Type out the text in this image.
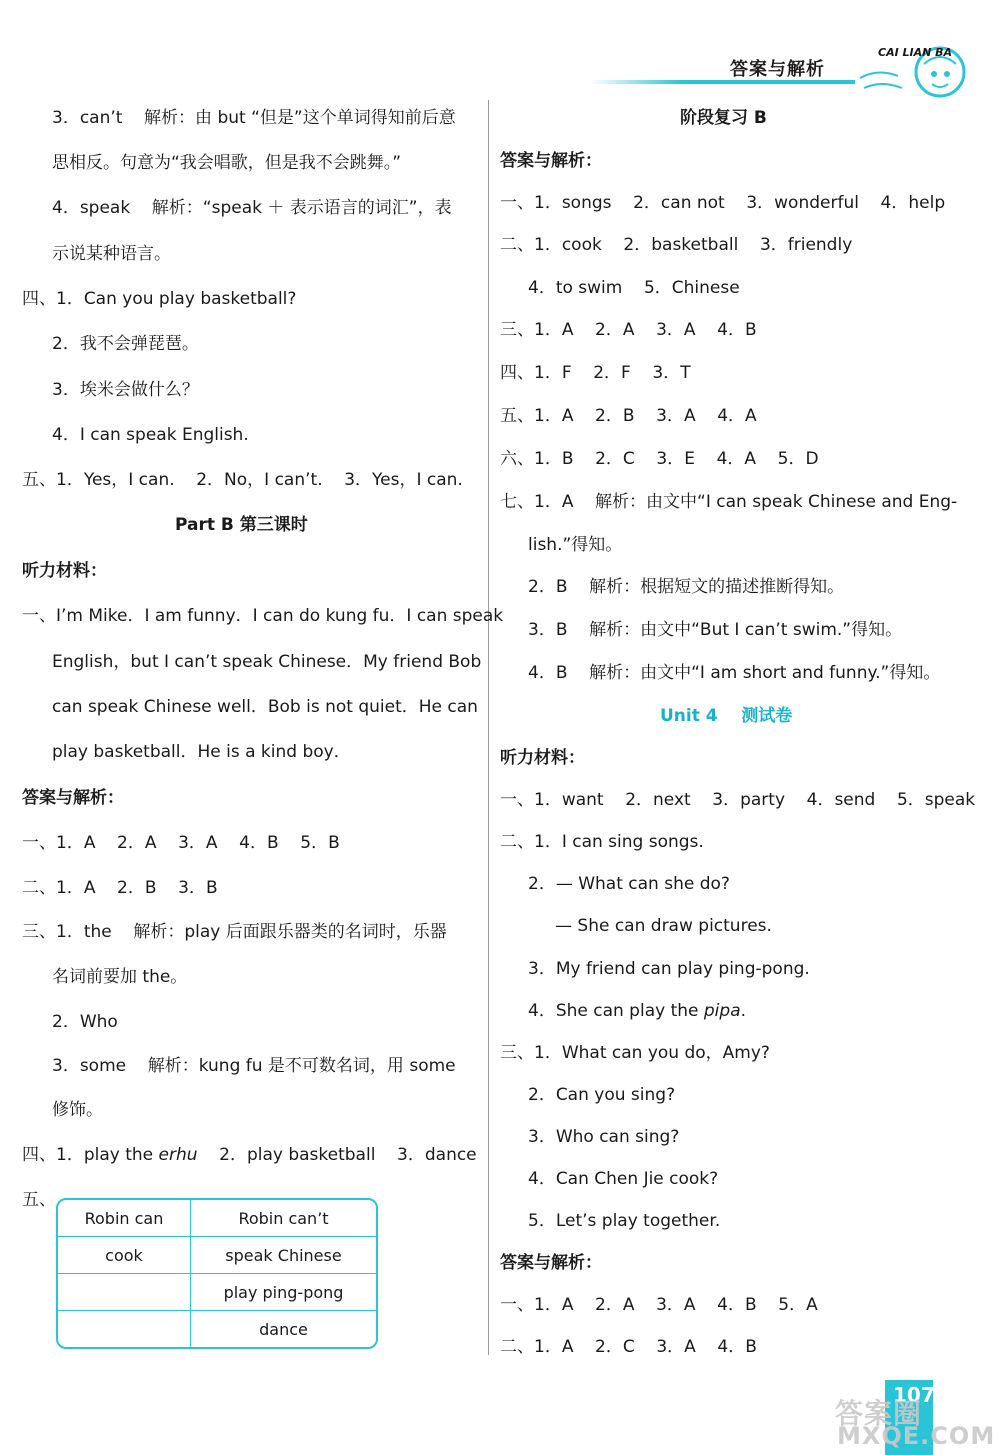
答案与解析
CAI LIAN BA
3．can’t    解析：由 but “但是”这个单词得知前后意
思相反。句意为“我会唱歌，但是我不会跳舞。”
4．speak    解析：“speak ＋ 表示语言的词汇”，表
示说某种语言。
四、1．Can you play basketball?
2．我不会弹琵琶。
3．埃米会做什么？
4．I can speak English.
五、1．Yes，I can.    2．No，I can’t.    3．Yes，I can.
Part B 第三课时
听力材料：
一、I’m Mike．I am funny．I can do kung fu．I can speak
English，but I can’t speak Chinese．My friend Bob
can speak Chinese well．Bob is not quiet．He can
play basketball．He is a kind boy．
答案与解析：
一、1．A    2．A    3．A    4．B    5．B
二、1．A    2．B    3．B
三、1．the    解析：play 后面跟乐器类的名词时，乐器
名词前要加 the。
2．Who
3．some    解析：kung fu 是不可数名词，用 some
修饰。
四、1．play the erhu    2．play basketball    3．dance
五、
Robin can	Robin can’t
cook	speak Chinese
	play ping-pong
	dance
阶段复习 B
答案与解析：
一、1．songs    2．can not    3．wonderful    4．help
二、1．cook    2．basketball    3．friendly
4．to swim    5．Chinese
三、1．A    2．A    3．A    4．B
四、1．F    2．F    3．T
五、1．A    2．B    3．A    4．A
六、1．B    2．C    3．E    4．A    5．D
七、1．A    解析：由文中“I can speak Chinese and Eng-
lish.”得知。
2．B    解析：根据短文的描述推断得知。
3．B    解析：由文中“But I can’t swim.”得知。
4．B    解析：由文中“I am short and funny.”得知。
Unit 4    测试卷
听力材料：
一、1．want    2．next    3．party    4．send    5．speak
二、1．I can sing songs.
2．— What can she do?
— She can draw pictures.
3．My friend can play ping-pong.
4．She can play the pipa.
三、1．What can you do，Amy?
2．Can you sing?
3．Who can sing?
4．Can Chen Jie cook?
5．Let’s play together.
答案与解析：
一、1．A    2．A    3．A    4．B    5．A
二、1．A    2．C    3．A    4．B
107
答案圈
MXQE.COM
